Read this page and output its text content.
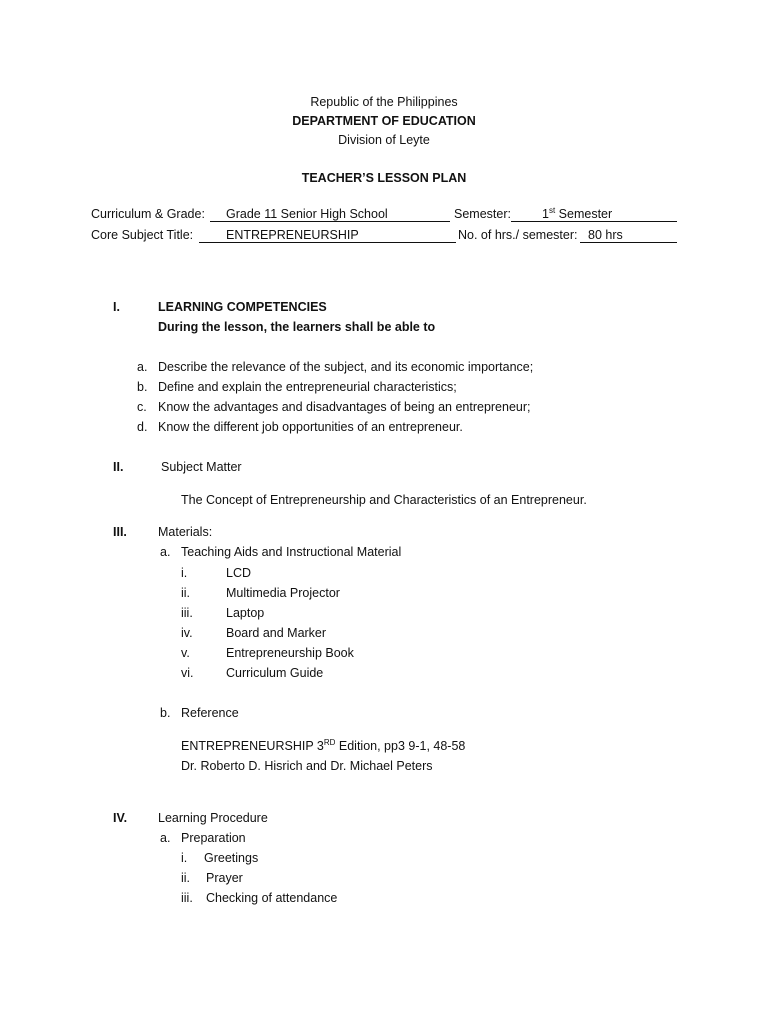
Republic of the Philippines
DEPARTMENT OF EDUCATION
Division of Leyte
TEACHER’S LESSON PLAN
Curriculum & Grade:	Grade 11 Senior High School	Semester:	1st Semester
Core Subject Title:	ENTREPRENEURSHIP	No. of hrs./ semester: 80 hrs
I.	LEARNING COMPETENCIES
During the lesson, the learners shall be able to
a. Describe the relevance of the subject, and its economic importance;
b. Define and explain the entrepreneurial characteristics;
c. Know the advantages and disadvantages of being an entrepreneur;
d. Know the different job opportunities of an entrepreneur.
II.	Subject Matter
The Concept of Entrepreneurship and Characteristics of an Entrepreneur.
III. Materials:
a. Teaching Aids and Instructional Material
i.	LCD
ii.	Multimedia Projector
iii.	Laptop
iv.	Board and Marker
v.	Entrepreneurship Book
vi.	Curriculum Guide
b. Reference
ENTREPRENEURSHIP 3RD Edition, pp3 9-1, 48-58
Dr. Roberto D. Hisrich and Dr. Michael Peters
IV. Learning Procedure
a. Preparation
i. Greetings
ii. Prayer
iii. Checking of attendance
